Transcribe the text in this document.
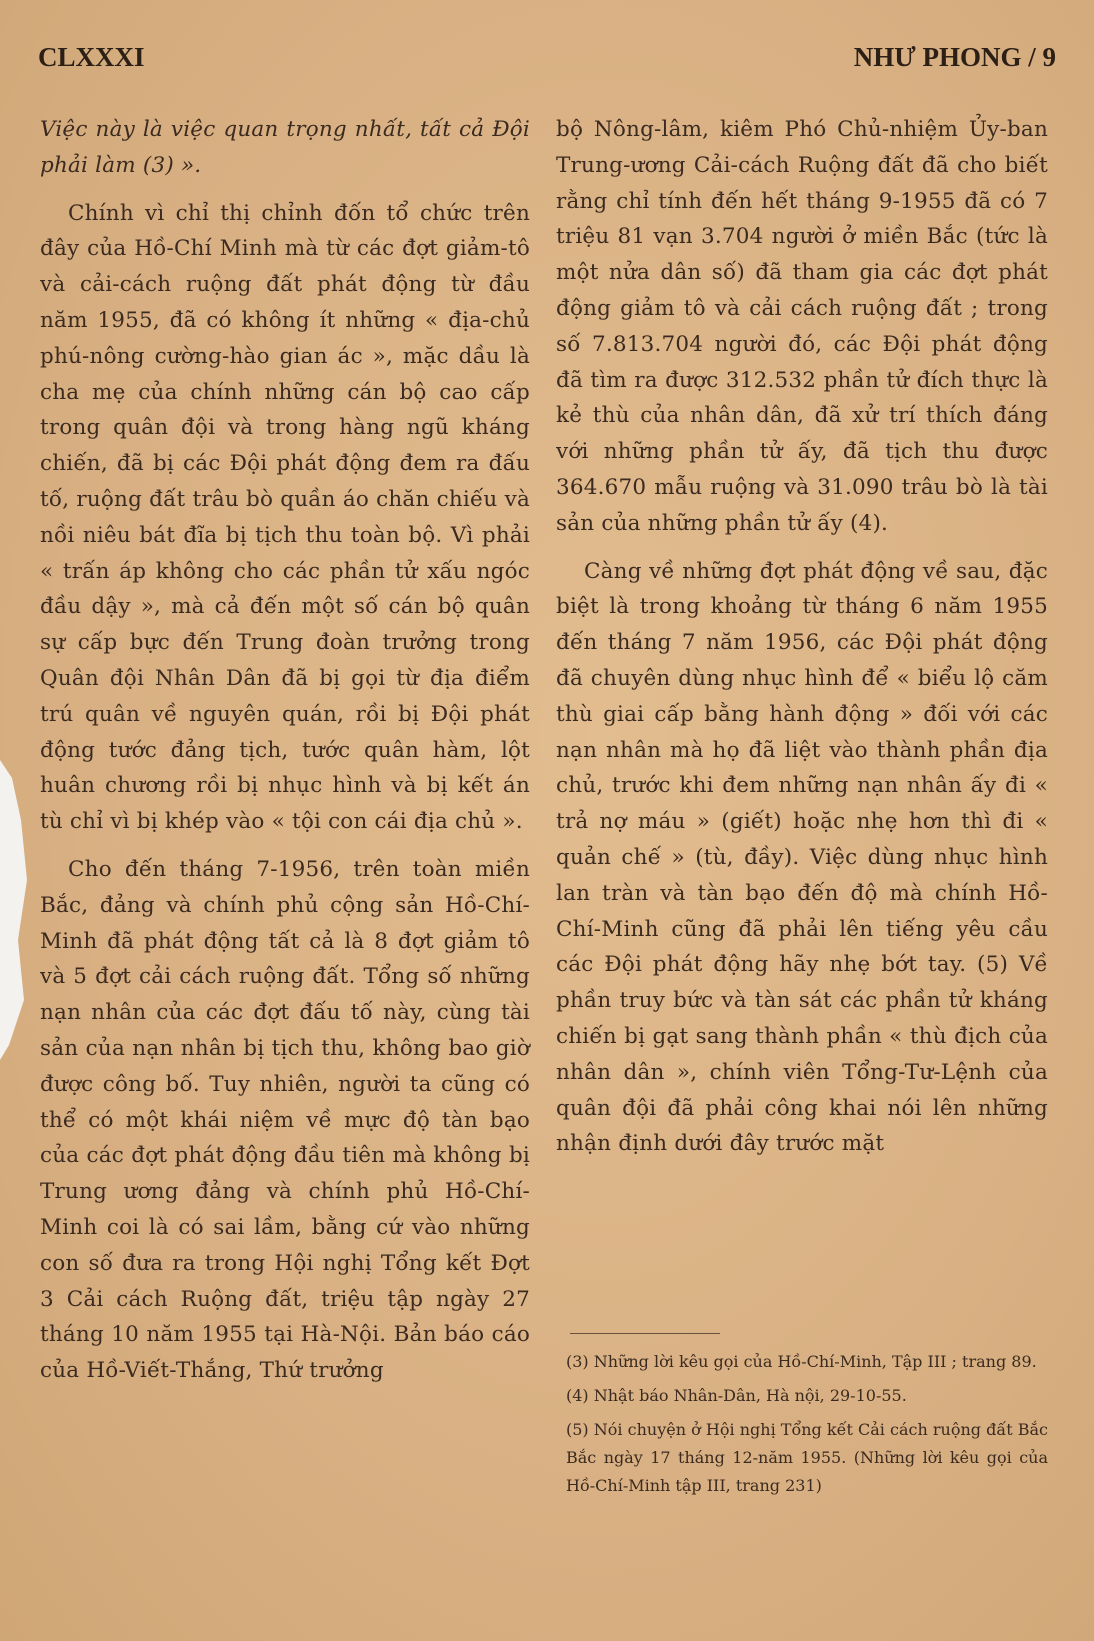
CLXXXI	NHƯ PHONG / 9

Việc này là việc quan trọng nhất, tất cả Đội phải làm (3) ».

Chính vì chỉ thị chỉnh đốn tổ chức trên đây của Hồ-Chí Minh mà từ các đợt giảm-tô và cải-cách ruộng đất phát động từ đầu năm 1955, đã có không ít những « địa-chủ phú-nông cường-hào gian ác », mặc dầu là cha mẹ của chính những cán bộ cao cấp trong quân đội và trong hàng ngũ kháng chiến, đã bị các Đội phát động đem ra đấu tố, ruộng đất trâu bò quần áo chăn chiếu và nồi niêu bát đĩa bị tịch thu toàn bộ. Vì phải « trấn áp không cho các phần tử xấu ngóc đầu dậy », mà cả đến một số cán bộ quân sự cấp bực đến Trung đoàn trưởng trong Quân đội Nhân Dân đã bị gọi từ địa điểm trú quân về nguyên quán, rồi bị Đội phát động tước đảng tịch, tước quân hàm, lột huân chương rồi bị nhục hình và bị kết án tù chỉ vì bị khép vào « tội con cái địa chủ ».

Cho đến tháng 7-1956, trên toàn miền Bắc, đảng và chính phủ cộng sản Hồ-Chí-Minh đã phát động tất cả là 8 đợt giảm tô và 5 đợt cải cách ruộng đất. Tổng số những nạn nhân của các đợt đấu tố này, cùng tài sản của nạn nhân bị tịch thu, không bao giờ được công bố. Tuy nhiên, người ta cũng có thể có một khái niệm về mực độ tàn bạo của các đợt phát động đầu tiên mà không bị Trung ương đảng và chính phủ Hồ-Chí-Minh coi là có sai lầm, bằng cứ vào những con số đưa ra trong Hội nghị Tổng kết Đợt 3 Cải cách Ruộng đất, triệu tập ngày 27 tháng 10 năm 1955 tại Hà-Nội. Bản báo cáo của Hồ-Viết-Thắng, Thứ trưởng

bộ Nông-lâm, kiêm Phó Chủ-nhiệm Ủy-ban Trung-ương Cải-cách Ruộng đất đã cho biết rằng chỉ tính đến hết tháng 9-1955 đã có 7 triệu 81 vạn 3.704 người ở miền Bắc (tức là một nửa dân số) đã tham gia các đợt phát động giảm tô và cải cách ruộng đất ; trong số 7.813.704 người đó, các Đội phát động đã tìm ra được 312.532 phần tử đích thực là kẻ thù của nhân dân, đã xử trí thích đáng với những phần tử ấy, đã tịch thu được 364.670 mẫu ruộng và 31.090 trâu bò là tài sản của những phần tử ấy (4).

Càng về những đợt phát động về sau, đặc biệt là trong khoảng từ tháng 6 năm 1955 đến tháng 7 năm 1956, các Đội phát động đã chuyên dùng nhục hình để « biểu lộ căm thù giai cấp bằng hành động » đối với các nạn nhân mà họ đã liệt vào thành phần địa chủ, trước khi đem những nạn nhân ấy đi « trả nợ máu » (giết) hoặc nhẹ hơn thì đi « quản chế » (tù, đầy). Việc dùng nhục hình lan tràn và tàn bạo đến độ mà chính Hồ-Chí-Minh cũng đã phải lên tiếng yêu cầu các Đội phát động hãy nhẹ bớt tay. (5) Về phần truy bức và tàn sát các phần tử kháng chiến bị gạt sang thành phần « thù địch của nhân dân », chính viên Tổng-Tư-Lệnh của quân đội đã phải công khai nói lên những nhận định dưới đây trước mặt

(3) Những lời kêu gọi của Hồ-Chí-Minh, Tập III ; trang 89.

(4) Nhật báo Nhân-Dân, Hà nội, 29-10-55.

(5) Nói chuyện ở Hội nghị Tổng kết Cải cách ruộng đất Bắc Bắc ngày 17 tháng 12-năm 1955. (Những lời kêu gọi của Hồ-Chí-Minh tập III, trang 231)
